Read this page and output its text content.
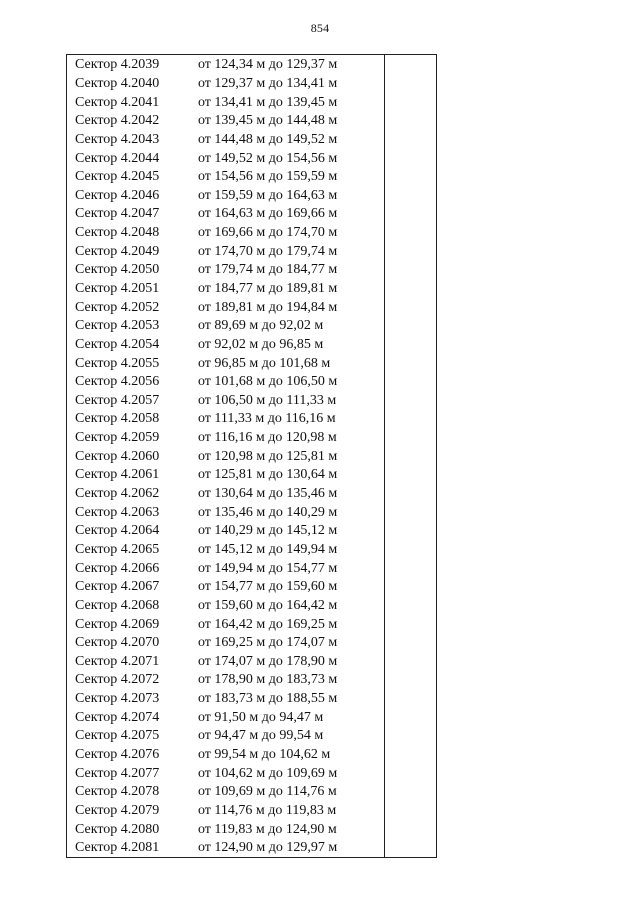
854
Сектор 4.2039	от 124,34 м до 129,37 м
Сектор 4.2040	от 129,37 м до 134,41 м
Сектор 4.2041	от 134,41 м до 139,45 м
Сектор 4.2042	от 139,45 м до 144,48 м
Сектор 4.2043	от 144,48 м до 149,52 м
Сектор 4.2044	от 149,52 м до 154,56 м
Сектор 4.2045	от 154,56 м до 159,59 м
Сектор 4.2046	от 159,59 м до 164,63 м
Сектор 4.2047	от 164,63 м до 169,66 м
Сектор 4.2048	от 169,66 м до 174,70 м
Сектор 4.2049	от 174,70 м до 179,74 м
Сектор 4.2050	от 179,74 м до 184,77 м
Сектор 4.2051	от 184,77 м до 189,81 м
Сектор 4.2052	от 189,81 м до 194,84 м
Сектор 4.2053	от 89,69 м до 92,02 м
Сектор 4.2054	от 92,02 м до 96,85 м
Сектор 4.2055	от 96,85 м до 101,68 м
Сектор 4.2056	от 101,68 м до 106,50 м
Сектор 4.2057	от 106,50 м до 111,33 м
Сектор 4.2058	от 111,33 м до 116,16 м
Сектор 4.2059	от 116,16 м до 120,98 м
Сектор 4.2060	от 120,98 м до 125,81 м
Сектор 4.2061	от 125,81 м до 130,64 м
Сектор 4.2062	от 130,64 м до 135,46 м
Сектор 4.2063	от 135,46 м до 140,29 м
Сектор 4.2064	от 140,29 м до 145,12 м
Сектор 4.2065	от 145,12 м до 149,94 м
Сектор 4.2066	от 149,94 м до 154,77 м
Сектор 4.2067	от 154,77 м до 159,60 м
Сектор 4.2068	от 159,60 м до 164,42 м
Сектор 4.2069	от 164,42 м до 169,25 м
Сектор 4.2070	от 169,25 м до 174,07 м
Сектор 4.2071	от 174,07 м до 178,90 м
Сектор 4.2072	от 178,90 м до 183,73 м
Сектор 4.2073	от 183,73 м до 188,55 м
Сектор 4.2074	от 91,50 м до 94,47 м
Сектор 4.2075	от 94,47 м до 99,54 м
Сектор 4.2076	от 99,54 м до 104,62 м
Сектор 4.2077	от 104,62 м до 109,69 м
Сектор 4.2078	от 109,69 м до 114,76 м
Сектор 4.2079	от 114,76 м до 119,83 м
Сектор 4.2080	от 119,83 м до 124,90 м
Сектор 4.2081	от 124,90 м до 129,97 м
